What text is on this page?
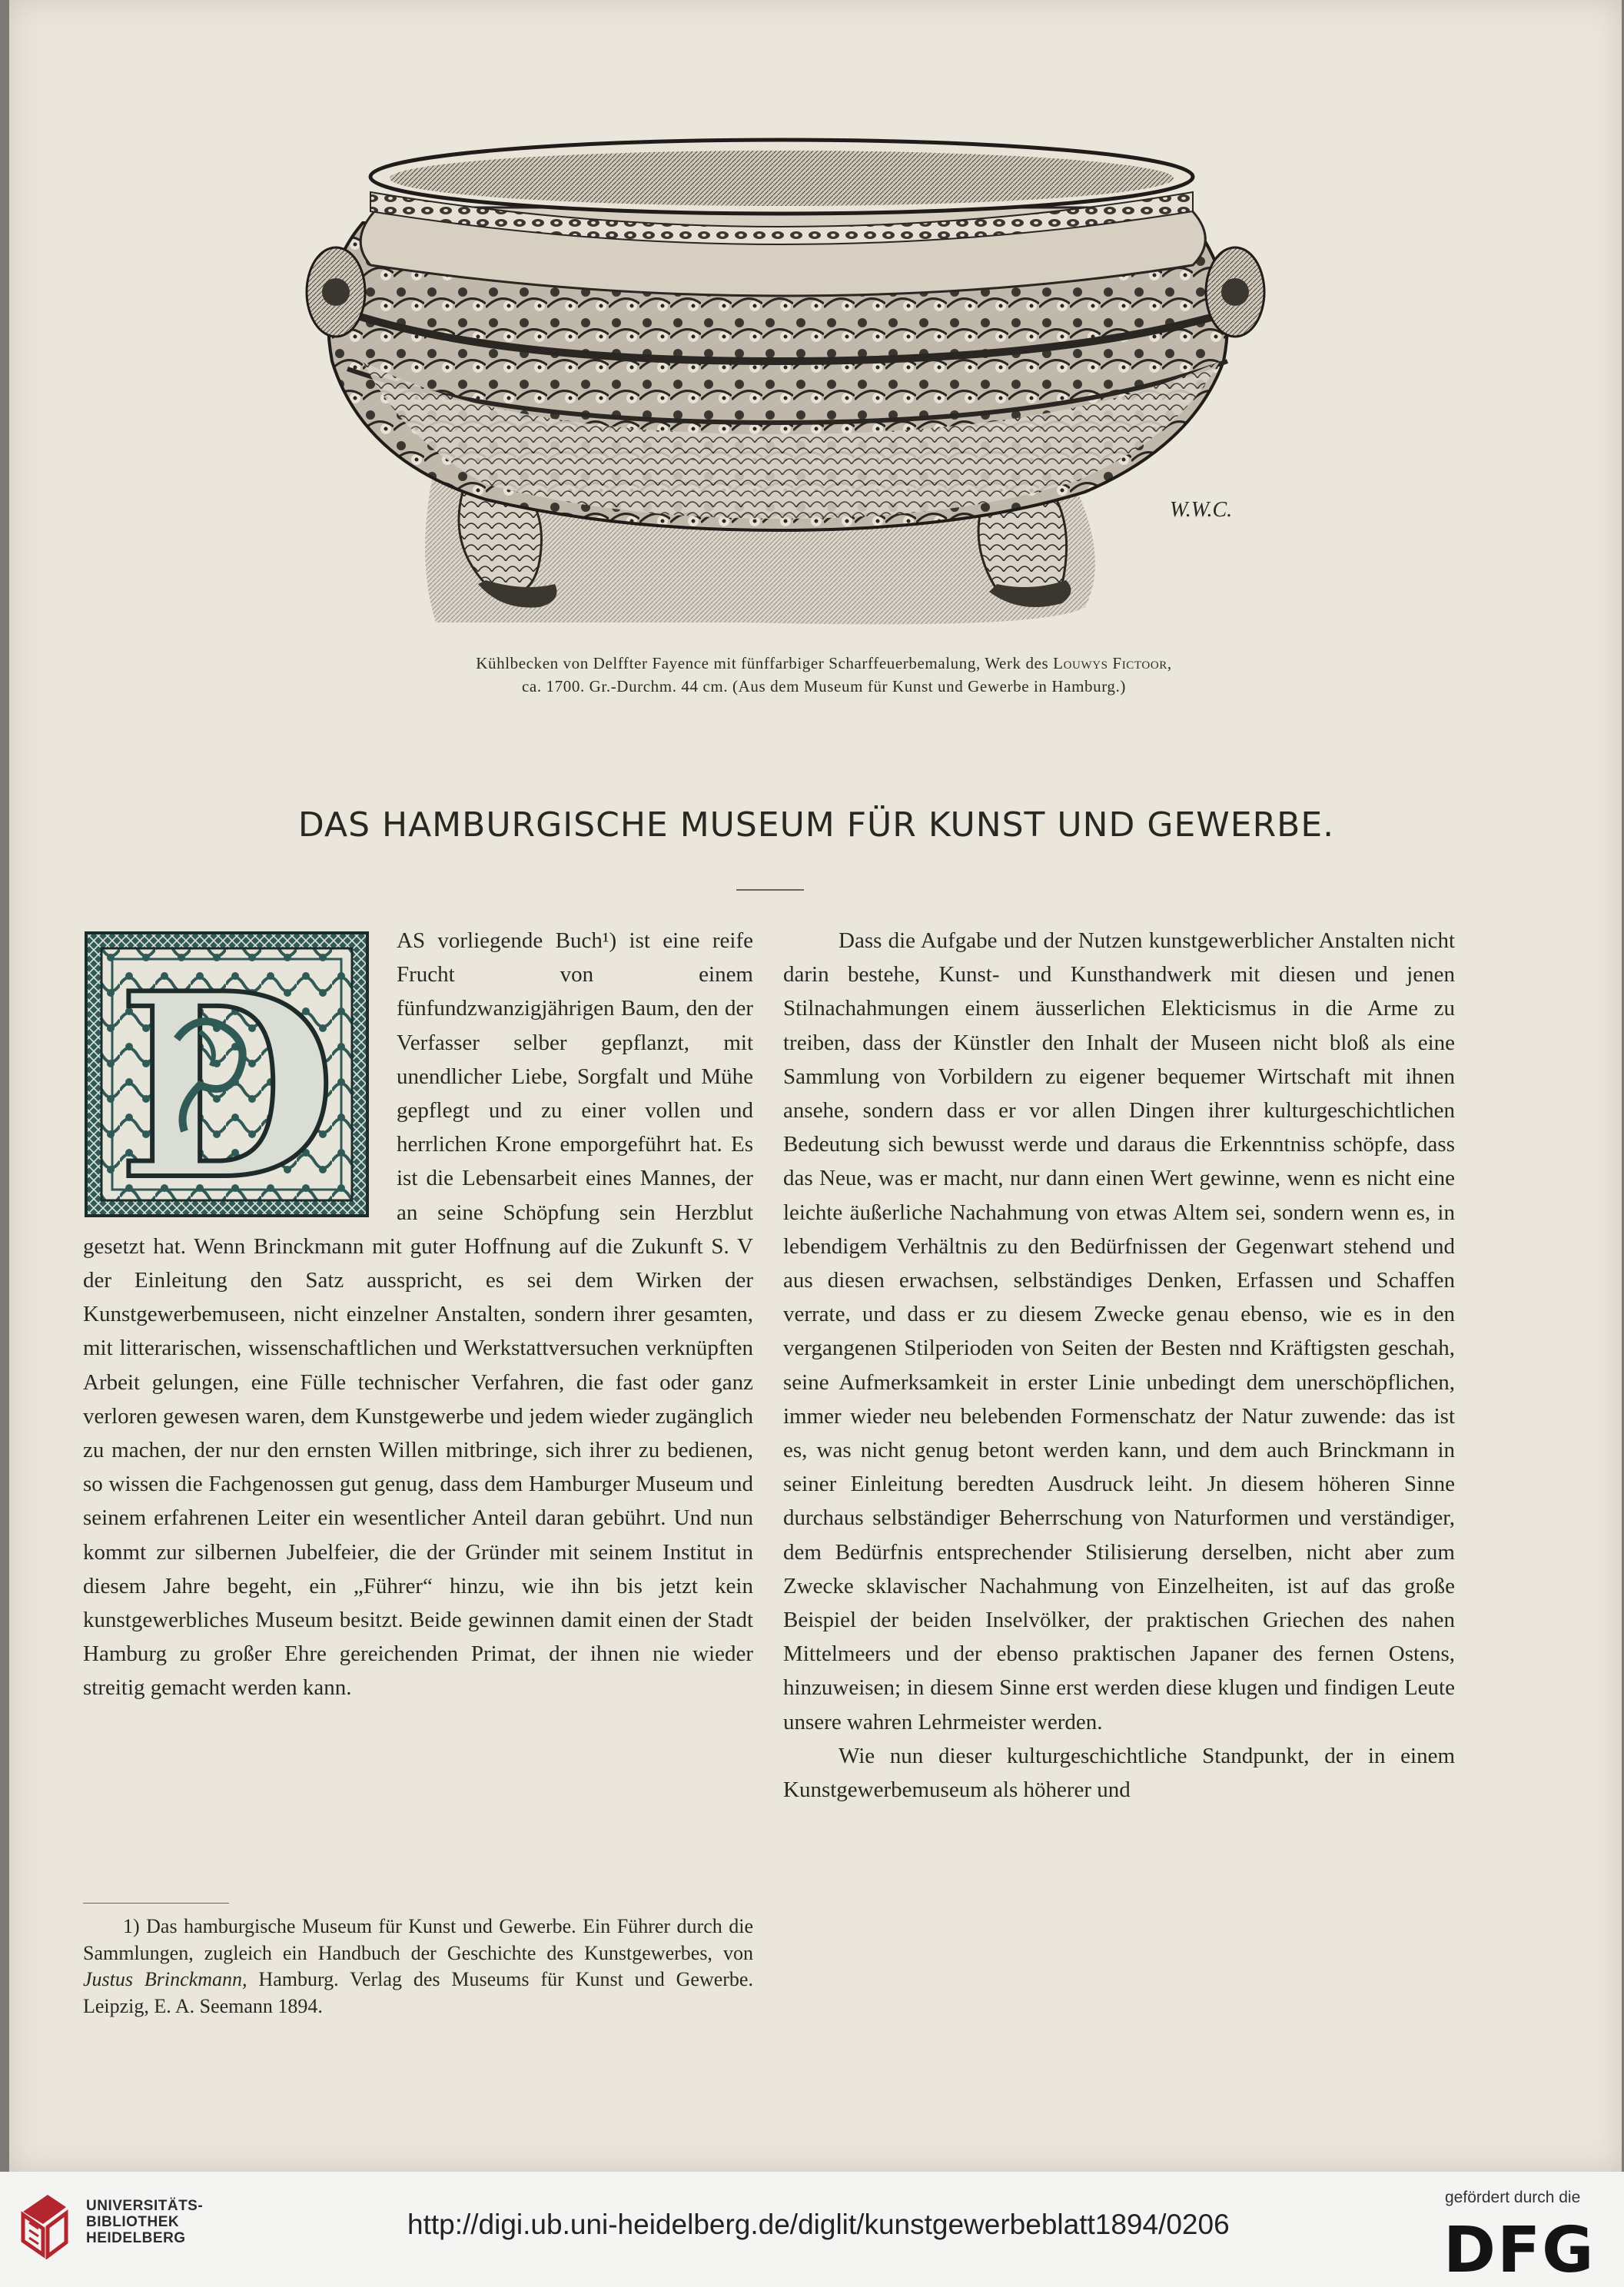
W.W.C.
Kühlbecken von Delffter Fayence mit fünffarbiger Scharffeuerbemalung, Werk des Louwys Fictoor,
ca. 1700. Gr.-Durchm. 44 cm. (Aus dem Museum für Kunst und Gewerbe in Hamburg.)
DAS HAMBURGISCHE MUSEUM FÜR KUNST UND GEWERBE.
D	AS vorliegende Buch¹) ist eine reife Frucht von einem fünfundzwanzigjährigen Baum, den der Verfasser selber gepflanzt, mit unendlicher Liebe, Sorgfalt und Mühe gepflegt und zu einer vollen und herrlichen Krone emporgeführt hat. Es ist die Lebensarbeit eines Mannes, der an seine Schöpfung sein Herzblut gesetzt hat. Wenn Brinckmann mit guter Hoffnung auf die Zukunft S. V der Einleitung den Satz ausspricht, es sei dem Wirken der Kunstgewerbemuseen, nicht einzelner Anstalten, sondern ihrer gesamten, mit litterarischen, wissenschaftlichen und Werkstattversuchen verknüpften Arbeit gelungen, eine Fülle technischer Verfahren, die fast oder ganz verloren gewesen waren, dem Kunstgewerbe und jedem wieder zugänglich zu machen, der nur den ernsten Willen mitbringe, sich ihrer zu bedienen, so wissen die Fachgenossen gut genug, dass dem Hamburger Museum und seinem erfahrenen Leiter ein wesentlicher Anteil daran gebührt. Und nun kommt zur silbernen Jubelfeier, die der Gründer mit seinem Institut in diesem Jahre begeht, ein „Führer“ hinzu, wie ihn bis jetzt kein kunstgewerbliches Museum besitzt. Beide gewinnen damit einen der Stadt Hamburg zu großer Ehre gereichenden Primat, der ihnen nie wieder streitig gemacht werden kann.

1) Das hamburgische Museum für Kunst und Gewerbe. Ein Führer durch die Sammlungen, zugleich ein Handbuch der Geschichte des Kunstgewerbes, von Justus Brinckmann, Hamburg. Verlag des Museums für Kunst und Gewerbe. Leipzig, E. A. Seemann 1894.

Dass die Aufgabe und der Nutzen kunstgewerblicher Anstalten nicht darin bestehe, Kunst- und Kunsthandwerk mit diesen und jenen Stilnachahmungen einem äusserlichen Elekticismus in die Arme zu treiben, dass der Künstler den Inhalt der Museen nicht bloß als eine Sammlung von Vorbildern zu eigener bequemer Wirtschaft mit ihnen ansehe, sondern dass er vor allen Dingen ihrer kulturgeschichtlichen Bedeutung sich bewusst werde und daraus die Erkenntniss schöpfe, dass das Neue, was er macht, nur dann einen Wert gewinne, wenn es nicht eine leichte äußerliche Nachahmung von etwas Altem sei, sondern wenn es, in lebendigem Verhältnis zu den Bedürfnissen der Gegenwart stehend und aus diesen erwachsen, selbständiges Denken, Erfassen und Schaffen verrate, und dass er zu diesem Zwecke genau ebenso, wie es in den vergangenen Stilperioden von Seiten der Besten nnd Kräftigsten geschah, seine Aufmerksamkeit in erster Linie unbedingt dem unerschöpflichen, immer wieder neu belebenden Formenschatz der Natur zuwende: das ist es, was nicht genug betont werden kann, und dem auch Brinckmann in seiner Einleitung beredten Ausdruck leiht. Jn diesem höheren Sinne durchaus selbständiger Beherrschung von Naturformen und verständiger, dem Bedürfnis entsprechender Stilisierung derselben, nicht aber zum Zwecke sklavischer Nachahmung von Einzelheiten, ist auf das große Beispiel der beiden Inselvölker, der praktischen Griechen des nahen Mittelmeers und der ebenso praktischen Japaner des fernen Ostens, hinzuweisen; in diesem Sinne erst werden diese klugen und findigen Leute unsere wahren Lehrmeister werden.

Wie nun dieser kulturgeschichtliche Standpunkt, der in einem Kunstgewerbemuseum als höherer und

UNIVERSITÄTS-
BIBLIOTHEK
HEIDELBERG	http://digi.ub.uni-heidelberg.de/diglit/kunstgewerbeblatt1894/0206
gefördert durch die
DFG
